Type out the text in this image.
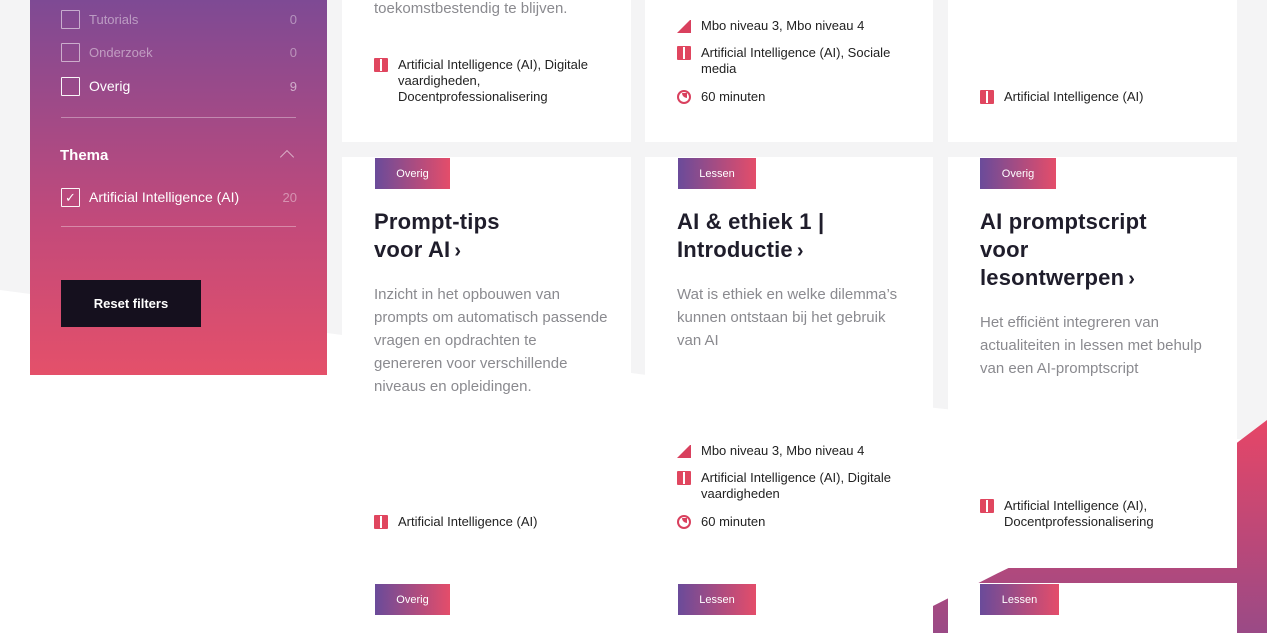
Tutorials	0
Onderzoek	0
Overig	9
Thema
✓ Artificial Intelligence (AI)	20
Reset filters
toekomstbestendig te blijven.
Artificial Intelligence (AI), Digitale vaardigheden, Docentprofessionalisering
Mbo niveau 3, Mbo niveau 4
Artificial Intelligence (AI), Sociale media
60 minuten	Artificial Intelligence (AI)
Overig
Prompt-tips
voor AI ›
Inzicht in het opbouwen van prompts om automatisch passende vragen en opdrachten te genereren voor verschillende niveaus en opleidingen.
Artificial Intelligence (AI)
Lessen
AI & ethiek 1 |
Introductie ›
Wat is ethiek en welke dilemma’s kunnen ontstaan bij het gebruik van AI
Mbo niveau 3, Mbo niveau 4
Artificial Intelligence (AI), Digitale vaardigheden
60 minuten
Overig
AI promptscript
voor
lesontwerpen ›
Het efficiënt integreren van actualiteiten in lessen met behulp van een AI-promptscript
Artificial Intelligence (AI), Docentprofessionalisering
Overig	Lessen	Lessen
